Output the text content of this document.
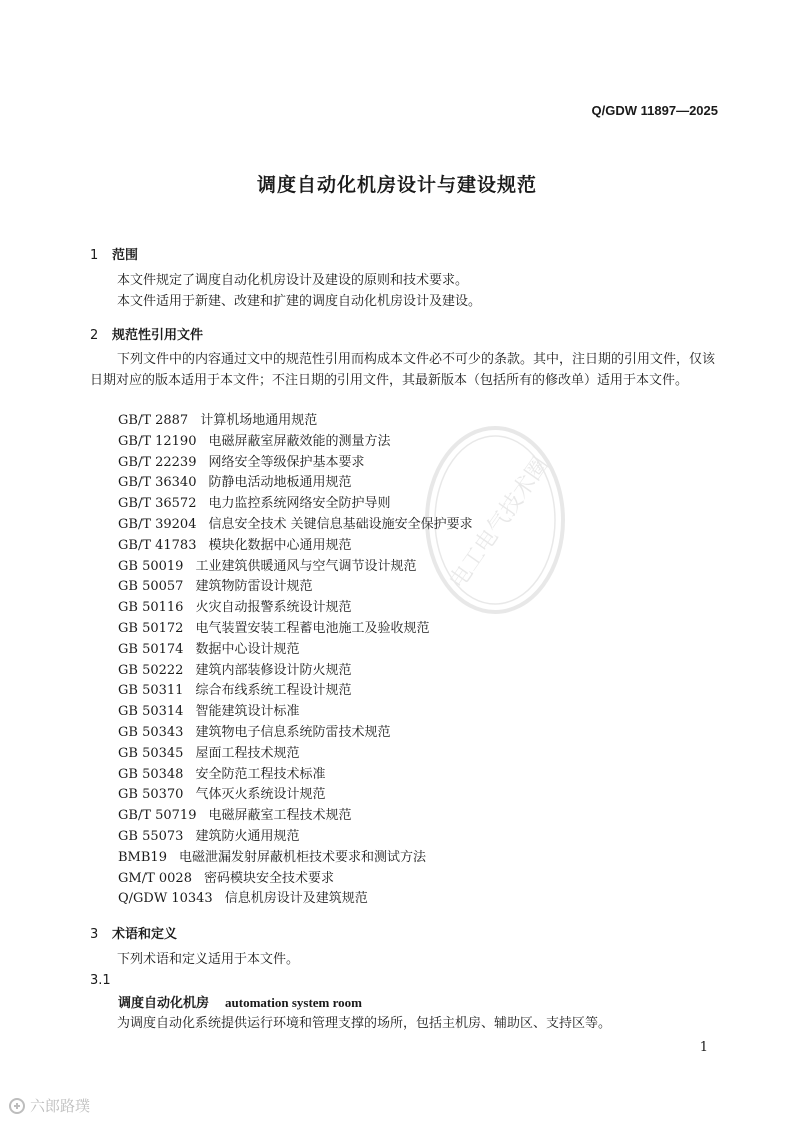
Q/GDW 11897—2025
调度自动化机房设计与建设规范
1 范围
本文件规定了调度自动化机房设计及建设的原则和技术要求。
本文件适用于新建、改建和扩建的调度自动化机房设计及建设。
2 规范性引用文件
下列文件中的内容通过文中的规范性引用而构成本文件必不可少的条款。其中，注日期的引用文件，仅该日期对应的版本适用于本文件；不注日期的引用文件，其最新版本（包括所有的修改单）适用于本文件。
GB/T 2887 计算机场地通用规范
GB/T 12190 电磁屏蔽室屏蔽效能的测量方法
GB/T 22239 网络安全等级保护基本要求
GB/T 36340 防静电活动地板通用规范
GB/T 36572 电力监控系统网络安全防护导则
GB/T 39204 信息安全技术 关键信息基础设施安全保护要求
GB/T 41783 模块化数据中心通用规范
GB 50019 工业建筑供暖通风与空气调节设计规范
GB 50057 建筑物防雷设计规范
GB 50116 火灾自动报警系统设计规范
GB 50172 电气装置安装工程蓄电池施工及验收规范
GB 50174 数据中心设计规范
GB 50222 建筑内部装修设计防火规范
GB 50311 综合布线系统工程设计规范
GB 50314 智能建筑设计标准
GB 50343 建筑物电子信息系统防雷技术规范
GB 50345 屋面工程技术规范
GB 50348 安全防范工程技术标准
GB 50370 气体灭火系统设计规范
GB/T 50719 电磁屏蔽室工程技术规范
GB 55073 建筑防火通用规范
BMB19 电磁泄漏发射屏蔽机柜技术要求和测试方法
GM/T 0028 密码模块安全技术要求
Q/GDW 10343 信息机房设计及建筑规范
3 术语和定义
下列术语和定义适用于本文件。
3.1
调度自动化机房 automation system room
为调度自动化系统提供运行环境和管理支撑的场所，包括主机房、辅助区、支持区等。
1
电工电气技术圈
六郎路璞
